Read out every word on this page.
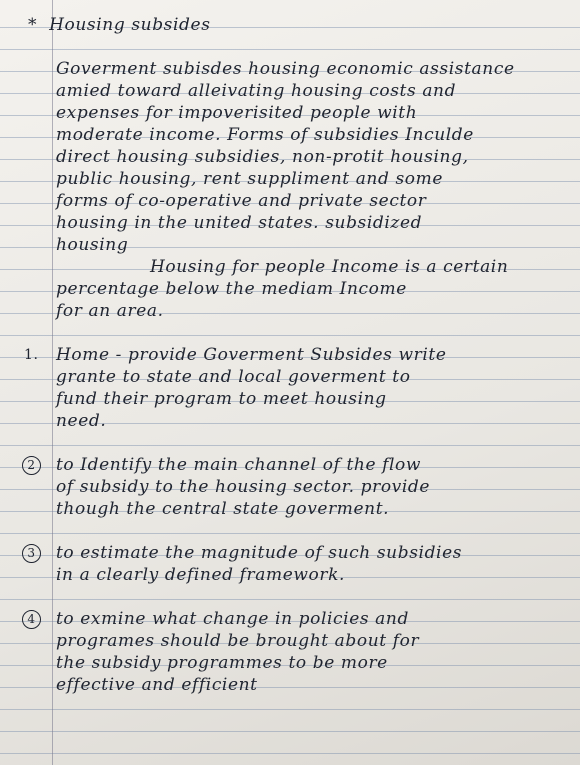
* Housing subsides
Goverment subisdes housing economic assistance
amied toward alleivating housing costs and
expenses for impoverisited people with
moderate income. Forms of subsidies Inculde
direct housing subsidies, non-protit housing,
public housing, rent suppliment and some
forms of co-operative and private sector
housing in the united states. subsidized
housing
Housing for people Income is a certain
percentage below the mediam Income
for an area.
1. Home - provide Goverment Subsides write
grante to state and local goverment to
fund their program to meet housing
need.
2	to Identify the main channel of the flow
of subsidy to the housing sector. provide
though the central state goverment.
3	to estimate the magnitude of such subsidies
in a clearly defined framework.
4	to exmine what change in policies and
programes should be brought about for
the subsidy programmes to be more
effective and efficient
